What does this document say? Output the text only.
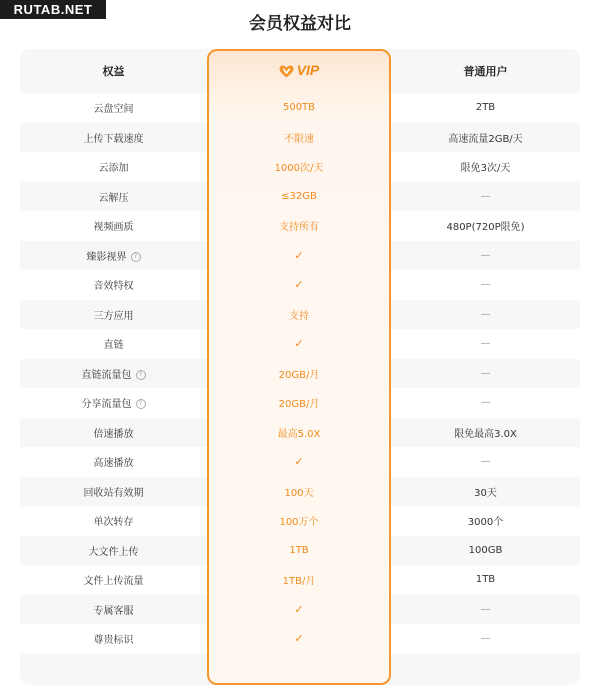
RUTAB.NET
会员权益对比
VIP
权益		普通用户
云盘空间	500TB	2TB
上传下载速度	不限速	高速流量2GB/天
云添加	1000次/天	限免3次/天
云解压	≤32GB	—
视频画质	支持所有	480P(720P限免)
臻影视界 ?	✓	—
音效特权	✓	—
三方应用	支持	—
直链	✓	—
直链流量包 ?	20GB/月	—
分享流量包 ?	20GB/月	—
倍速播放	最高5.0X	限免最高3.0X
高速播放	✓	—
回收站有效期	100天	30天
单次转存	100万个	3000个
大文件上传	1TB	100GB
文件上传流量	1TB/月	1TB
专属客服	✓	—
尊贵标识	✓	—
